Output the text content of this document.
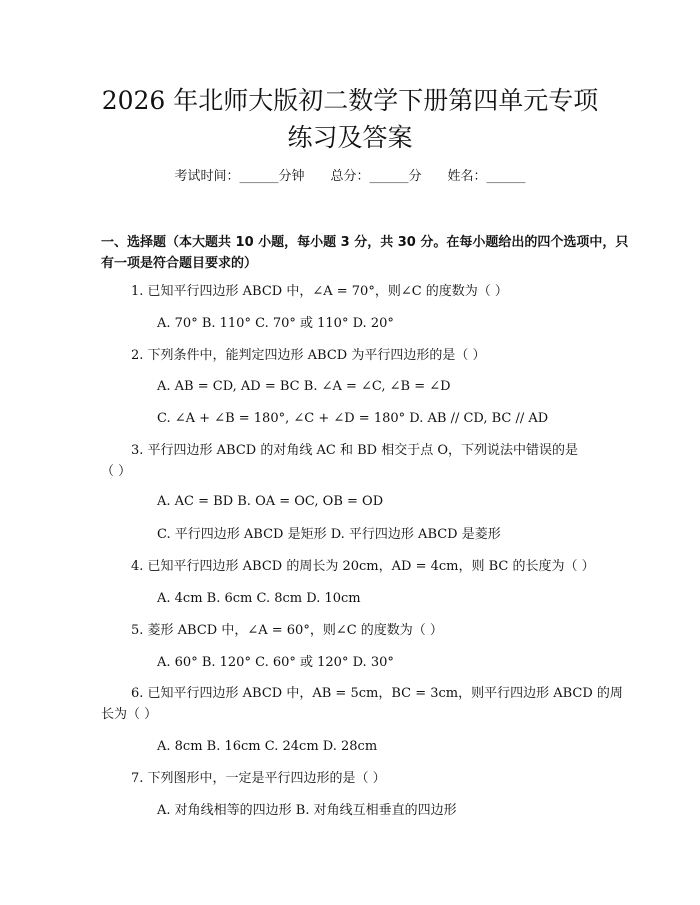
2026 年北师大版初二数学下册第四单元专项
练习及答案
考试时间：______分钟 总分：______分 姓名：______

一、选择题（本大题共 10 小题，每小题 3 分，共 30 分。在每小题给出的四个选项中，只有一项是符合题目要求的）

1. 已知平行四边形 ABCD 中，∠A = 70°，则∠C 的度数为（ ）

A. 70° B. 110° C. 70° 或 110° D. 20°

2. 下列条件中，能判定四边形 ABCD 为平行四边形的是（ ）

A. AB = CD, AD = BC B. ∠A = ∠C, ∠B = ∠D

C. ∠A + ∠B = 180°, ∠C + ∠D = 180° D. AB // CD, BC // AD

3. 平行四边形 ABCD 的对角线 AC 和 BD 相交于点 O，下列说法中错误的是

（ ）

A. AC = BD B. OA = OC, OB = OD

C. 平行四边形 ABCD 是矩形 D. 平行四边形 ABCD 是菱形

4. 已知平行四边形 ABCD 的周长为 20cm，AD = 4cm，则 BC 的长度为（ ）

A. 4cm B. 6cm C. 8cm D. 10cm

5. 菱形 ABCD 中，∠A = 60°，则∠C 的度数为（ ）

A. 60° B. 120° C. 60° 或 120° D. 30°

6. 已知平行四边形 ABCD 中，AB = 5cm，BC = 3cm，则平行四边形 ABCD 的周

长为（ ）

A. 8cm B. 16cm C. 24cm D. 28cm

7. 下列图形中，一定是平行四边形的是（ ）

A. 对角线相等的四边形 B. 对角线互相垂直的四边形
